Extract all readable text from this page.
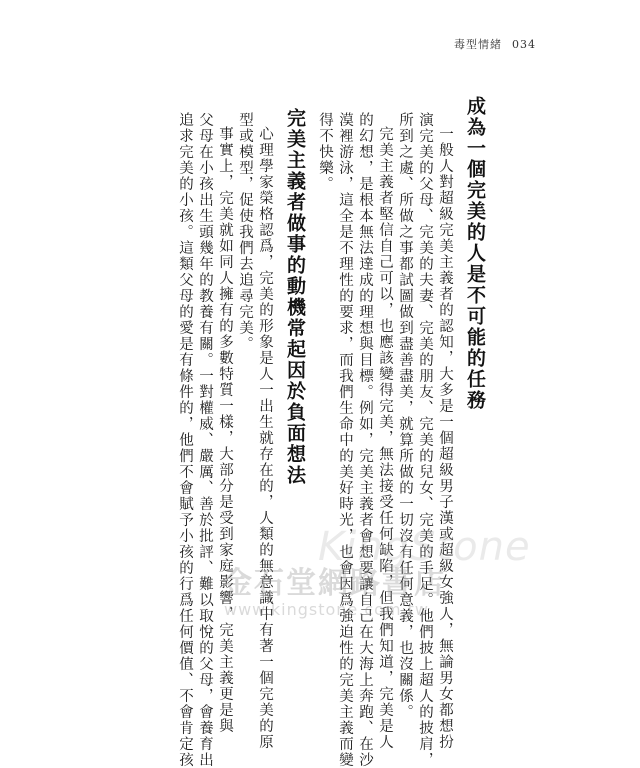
毒型情緒 034
成為一個完美的人是不可能的任務
一般人對超級完美主義者的認知，大多是一個超級男子漢或超級女強人，無論男女都想扮
演完美的父母、完美的夫妻、完美的朋友、完美的兒女、完美的手足。他們披上超人的披肩，
所到之處、所做之事都試圖做到盡善盡美，就算所做的一切沒有任何意義，也沒關係。
完美主義者堅信自己可以，也應該變得完美，無法接受任何缺陷，但我們知道，完美是人
的幻想，是根本無法達成的理想與目標。例如，完美主義者會想要讓自己在大海上奔跑、在沙
漠裡游泳，這全是不理性的要求，而我們生命中的美好時光，也會因爲強迫性的完美主義而變
得不快樂。
完美主義者做事的動機常起因於負面想法
心理學家榮格認爲，完美的形象是人一出生就存在的，人類的無意識中有著一個完美的原
型或模型，促使我們去追尋完美。
事實上，完美就如同人擁有的多數特質一樣，大部分是受到家庭影響，完美主義更是與
父母在小孩出生頭幾年的教養有關。一對權威、嚴厲、善於批評、難以取悅的父母，會養育出
追求完美的小孩。這類父母的愛是有條件的，他們不會賦予小孩的行爲任何價值、不會肯定孩	KingStone
金石堂網路書店
www.kingstone.com.tw
